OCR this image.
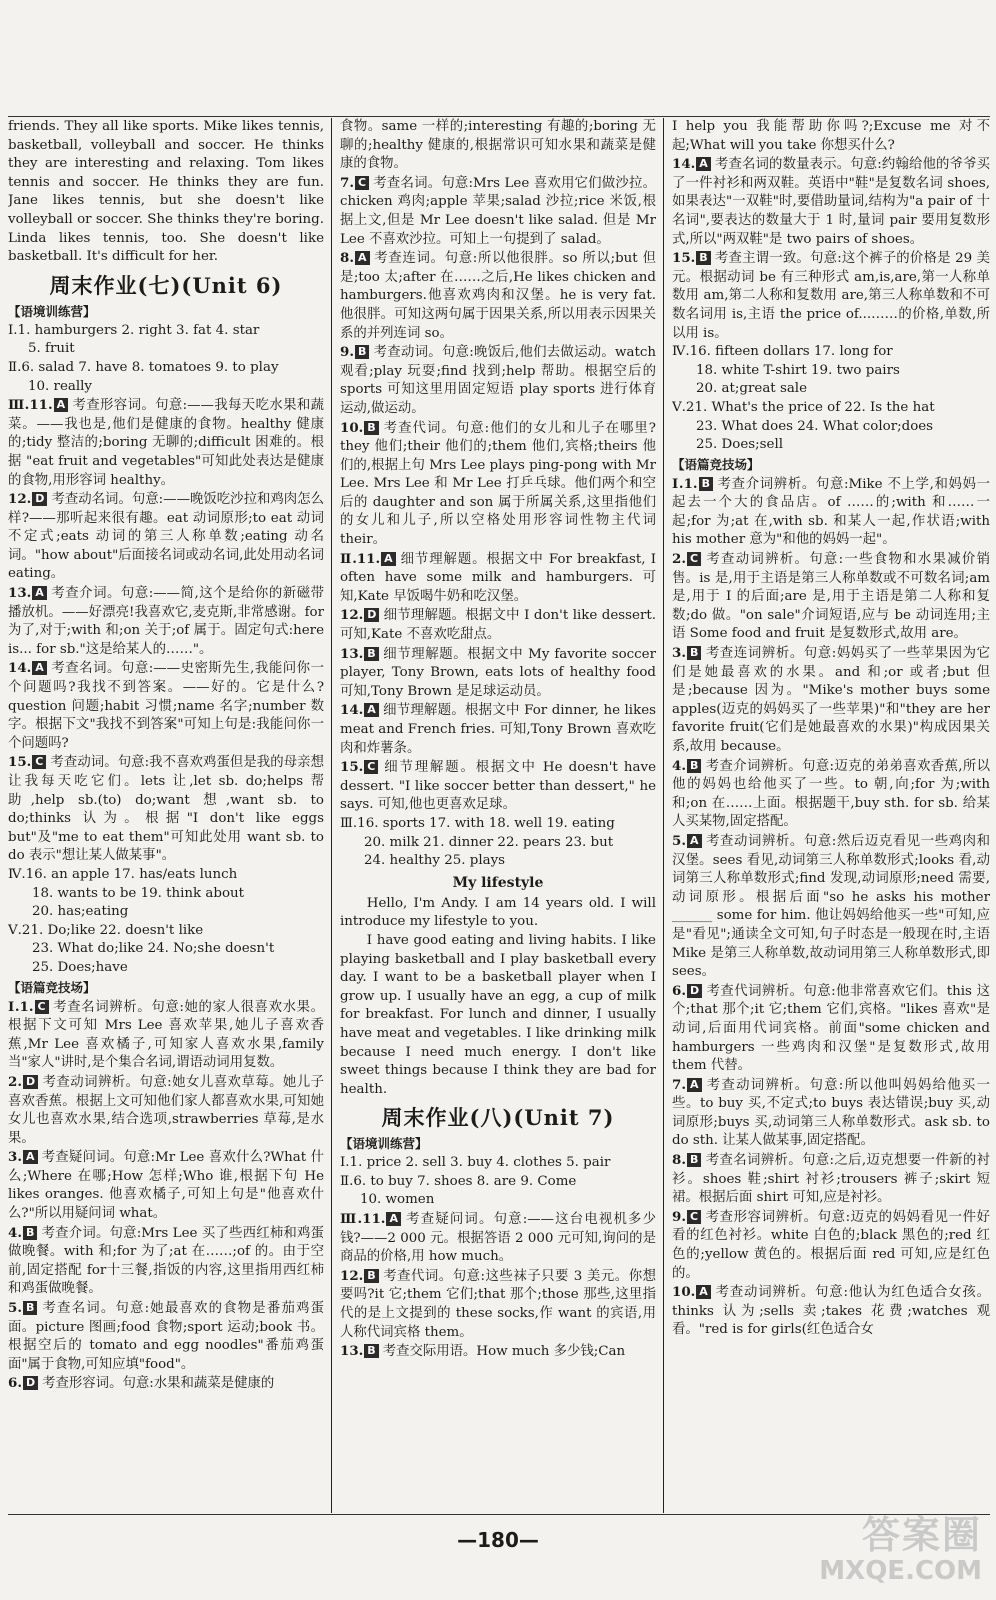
friends. They all like sports. Mike likes tennis, basketball, volleyball and soccer. He thinks they are interesting and relaxing. Tom likes tennis and soccer. He thinks they are fun. Jane likes tennis, but she doesn't like volleyball or soccer. She thinks they're boring. Linda likes tennis, too. She doesn't like basketball. It's difficult for her.

周末作业(七)(Unit 6)
【语境训练营】

Ⅰ.1. hamburgers 2. right 3. fat 4. star

5. fruit

Ⅱ.6. salad 7. have 8. tomatoes 9. to play

10. really

Ⅲ.11. A 考查形容词。句意:——我每天吃水果和蔬菜。——我也是,他们是健康的食物。healthy 健康的;tidy 整洁的;boring 无聊的;difficult 困难的。根据 "eat fruit and vegetables"可知此处表达是健康的食物,用形容词 healthy。

12. D 考查动名词。句意:——晚饭吃沙拉和鸡肉怎么样?——那听起来很有趣。eat 动词原形;to eat 动词不定式;eats 动词的第三人称单数;eating 动名词。"how about"后面接名词或动名词,此处用动名词 eating。

13. A 考查介词。句意:——简,这个是给你的新磁带播放机。——好漂亮!我喜欢它,麦克斯,非常感谢。for 为了,对于;with 和;on 关于;of 属于。固定句式:here is... for sb."这是给某人的……"。

14. A 考查名词。句意:——史密斯先生,我能问你一个问题吗?我找不到答案。——好的。它是什么?question 问题;habit 习惯;name 名字;number 数字。根据下文"我找不到答案"可知上句是:我能问你一个问题吗?

15. C 考查动词。句意:我不喜欢鸡蛋但是我的母亲想让我每天吃它们。lets 让,let sb. do;helps 帮助,help sb.(to) do;want 想,want sb. to do;thinks 认为。根据"I don't like eggs but"及"me to eat them"可知此处用 want sb. to do 表示"想让某人做某事"。

Ⅳ.16. an apple 17. has/eats lunch

18. wants to be 19. think about

20. has;eating

Ⅴ.21. Do;like 22. doesn't like

23. What do;like 24. No;she doesn't

25. Does;have

【语篇竞技场】

Ⅰ.1. C 考查名词辨析。句意:她的家人很喜欢水果。根据下文可知 Mrs Lee 喜欢苹果,她儿子喜欢香蕉,Mr Lee 喜欢橘子,可知家人喜欢水果,family 当"家人"讲时,是个集合名词,谓语动词用复数。

2. D 考查动词辨析。句意:她女儿喜欢草莓。她儿子喜欢香蕉。根据上文可知他们家人都喜欢水果,可知她女儿也喜欢水果,结合选项,strawberries 草莓,是水果。

3. A 考查疑问词。句意:Mr Lee 喜欢什么?What 什么;Where 在哪;How 怎样;Who 谁,根据下句 He likes oranges. 他喜欢橘子,可知上句是"他喜欢什么?"所以用疑问词 what。

4. B 考查介词。句意:Mrs Lee 买了些西红柿和鸡蛋做晚餐。with 和;for 为了;at 在……;of 的。由于空前,固定搭配 for十三餐,指饭的内容,这里指用西红柿和鸡蛋做晚餐。

5. B 考查名词。句意:她最喜欢的食物是番茄鸡蛋面。picture 图画;food 食物;sport 运动;book 书。根据空后的 tomato and egg noodles"番茄鸡蛋面"属于食物,可知应填"food"。

6. D 考查形容词。句意:水果和蔬菜是健康的

食物。same 一样的;interesting 有趣的;boring 无聊的;healthy 健康的,根据常识可知水果和蔬菜是健康的食物。

7. C 考查名词。句意:Mrs Lee 喜欢用它们做沙拉。chicken 鸡肉;apple 苹果;salad 沙拉;rice 米饭,根据上文,但是 Mr Lee doesn't like salad. 但是 Mr Lee 不喜欢沙拉。可知上一句提到了 salad。

8. A 考查连词。句意:所以他很胖。so 所以;but 但是;too 太;after 在……之后,He likes chicken and hamburgers.他喜欢鸡肉和汉堡。he is very fat. 他很胖。可知这两句属于因果关系,所以用表示因果关系的并列连词 so。

9. B 考查动词。句意:晚饭后,他们去做运动。watch 观看;play 玩耍;find 找到;help 帮助。根据空后的 sports 可知这里用固定短语 play sports 进行体育运动,做运动。

10. B 考查代词。句意:他们的女儿和儿子在哪里?they 他们;their 他们的;them 他们,宾格;theirs 他们的,根据上句 Mrs Lee plays ping-pong with Mr Lee. Mrs Lee 和 Mr Lee 打乒乓球。他们两个和空后的 daughter and son 属于所属关系,这里指他们的女儿和儿子,所以空格处用形容词性物主代词 their。

Ⅱ.11. A 细节理解题。根据文中 For breakfast, I often have some milk and hamburgers. 可知,Kate 早饭喝牛奶和吃汉堡。

12. D 细节理解题。根据文中 I don't like dessert. 可知,Kate 不喜欢吃甜点。

13. B 细节理解题。根据文中 My favorite soccer player, Tony Brown, eats lots of healthy food 可知,Tony Brown 是足球运动员。

14. A 细节理解题。根据文中 For dinner, he likes meat and French fries. 可知,Tony Brown 喜欢吃肉和炸薯条。

15. C 细节理解题。根据文中 He doesn't have dessert. "I like soccer better than dessert," he says. 可知,他也更喜欢足球。

Ⅲ.16. sports 17. with 18. well 19. eating

20. milk 21. dinner 22. pears 23. but

24. healthy 25. plays

My lifestyle

Hello, I'm Andy. I am 14 years old. I will introduce my lifestyle to you.

I have good eating and living habits. I like playing basketball and I play basketball every day. I want to be a basketball player when I grow up. I usually have an egg, a cup of milk for breakfast. For lunch and dinner, I usually have meat and vegetables. I like drinking milk because I need much energy. I don't like sweet things because I think they are bad for health.

周末作业(八)(Unit 7)
【语境训练营】

Ⅰ.1. price 2. sell 3. buy 4. clothes 5. pair

Ⅱ.6. to buy 7. shoes 8. are 9. Come

10. women

Ⅲ.11. A 考查疑问词。句意:——这台电视机多少钱?——2 000 元。根据答语 2 000 元可知,询问的是商品的价格,用 how much。

12. B 考查代词。句意:这些袜子只要 3 美元。你想要吗?it 它;them 它们;that 那个;those 那些,这里指代的是上文提到的 these socks,作 want 的宾语,用人称代词宾格 them。

13. B 考查交际用语。How much 多少钱;Can

I help you 我能帮助你吗?;Excuse me 对不起;What will you take 你想买什么?

14. A 考查名词的数量表示。句意:约翰给他的爷爷买了一件衬衫和两双鞋。英语中"鞋"是复数名词 shoes,如果表达"一双鞋"时,要借助量词,结构为"a pair of 十名词",要表达的数量大于 1 时,量词 pair 要用复数形式,所以"两双鞋"是 two pairs of shoes。

15. B 考查主谓一致。句意:这个裤子的价格是 29 美元。根据动词 be 有三种形式 am,is,are,第一人称单数用 am,第二人称和复数用 are,第三人称单数和不可数名词用 is,主语 the price of...……的价格,单数,所以用 is。

Ⅳ.16. fifteen dollars 17. long for

18. white T-shirt 19. two pairs

20. at;great sale

Ⅴ.21. What's the price of 22. Is the hat

23. What does 24. What color;does

25. Does;sell

【语篇竞技场】

Ⅰ.1. B 考查介词辨析。句意:Mike 不上学,和妈妈一起去一个大的食品店。of ……的;with 和……一起;for 为;at 在,with sb. 和某人一起,作状语;with his mother 意为"和他的妈妈一起"。

2. C 考查动词辨析。句意:一些食物和水果减价销售。is 是,用于主语是第三人称单数或不可数名词;am 是,用于 I 的后面;are 是,用于主语是第二人称和复数;do 做。"on sale"介词短语,应与 be 动词连用;主语 Some food and fruit 是复数形式,故用 are。

3. B 考查连词辨析。句意:妈妈买了一些苹果因为它们是她最喜欢的水果。and 和;or 或者;but 但是;because 因为。"Mike's mother buys some apples(迈克的妈妈买了一些苹果)"和"they are her favorite fruit(它们是她最喜欢的水果)"构成因果关系,故用 because。

4. B 考查介词辨析。句意:迈克的弟弟喜欢香蕉,所以他的妈妈也给他买了一些。to 朝,向;for 为;with 和;on 在……上面。根据题干,buy sth. for sb. 给某人买某物,固定搭配。

5. A 考查动词辨析。句意:然后迈克看见一些鸡肉和汉堡。sees 看见,动词第三人称单数形式;looks 看,动词第三人称单数形式;find 发现,动词原形;need 需要,动词原形。根据后面"so he asks his mother ______ some for him. 他让妈妈给他买一些"可知,应是"看见";通读全文可知,句子时态是一般现在时,主语 Mike 是第三人称单数,故动词用第三人称单数形式,即 sees。

6. D 考查代词辨析。句意:他非常喜欢它们。this 这个;that 那个;it 它;them 它们,宾格。"likes 喜欢"是动词,后面用代词宾格。前面"some chicken and hamburgers 一些鸡肉和汉堡"是复数形式,故用 them 代替。

7. A 考查动词辨析。句意:所以他叫妈妈给他买一些。to buy 买,不定式;to buys 表达错误;buy 买,动词原形;buys 买,动词第三人称单数形式。ask sb. to do sth. 让某人做某事,固定搭配。

8. B 考查名词辨析。句意:之后,迈克想要一件新的衬衫。shoes 鞋;shirt 衬衫;trousers 裤子;skirt 短裙。根据后面 shirt 可知,应是衬衫。

9. C 考查形容词辨析。句意:迈克的妈妈看见一件好看的红色衬衫。white 白色的;black 黑色的;red 红色的;yellow 黄色的。根据后面 red 可知,应是红色的。

10. A 考查动词辨析。句意:他认为红色适合女孩。thinks 认为;sells 卖;takes 花费;watches 观看。"red is for girls(红色适合女

—180—	答案圈
MXQE.COM
